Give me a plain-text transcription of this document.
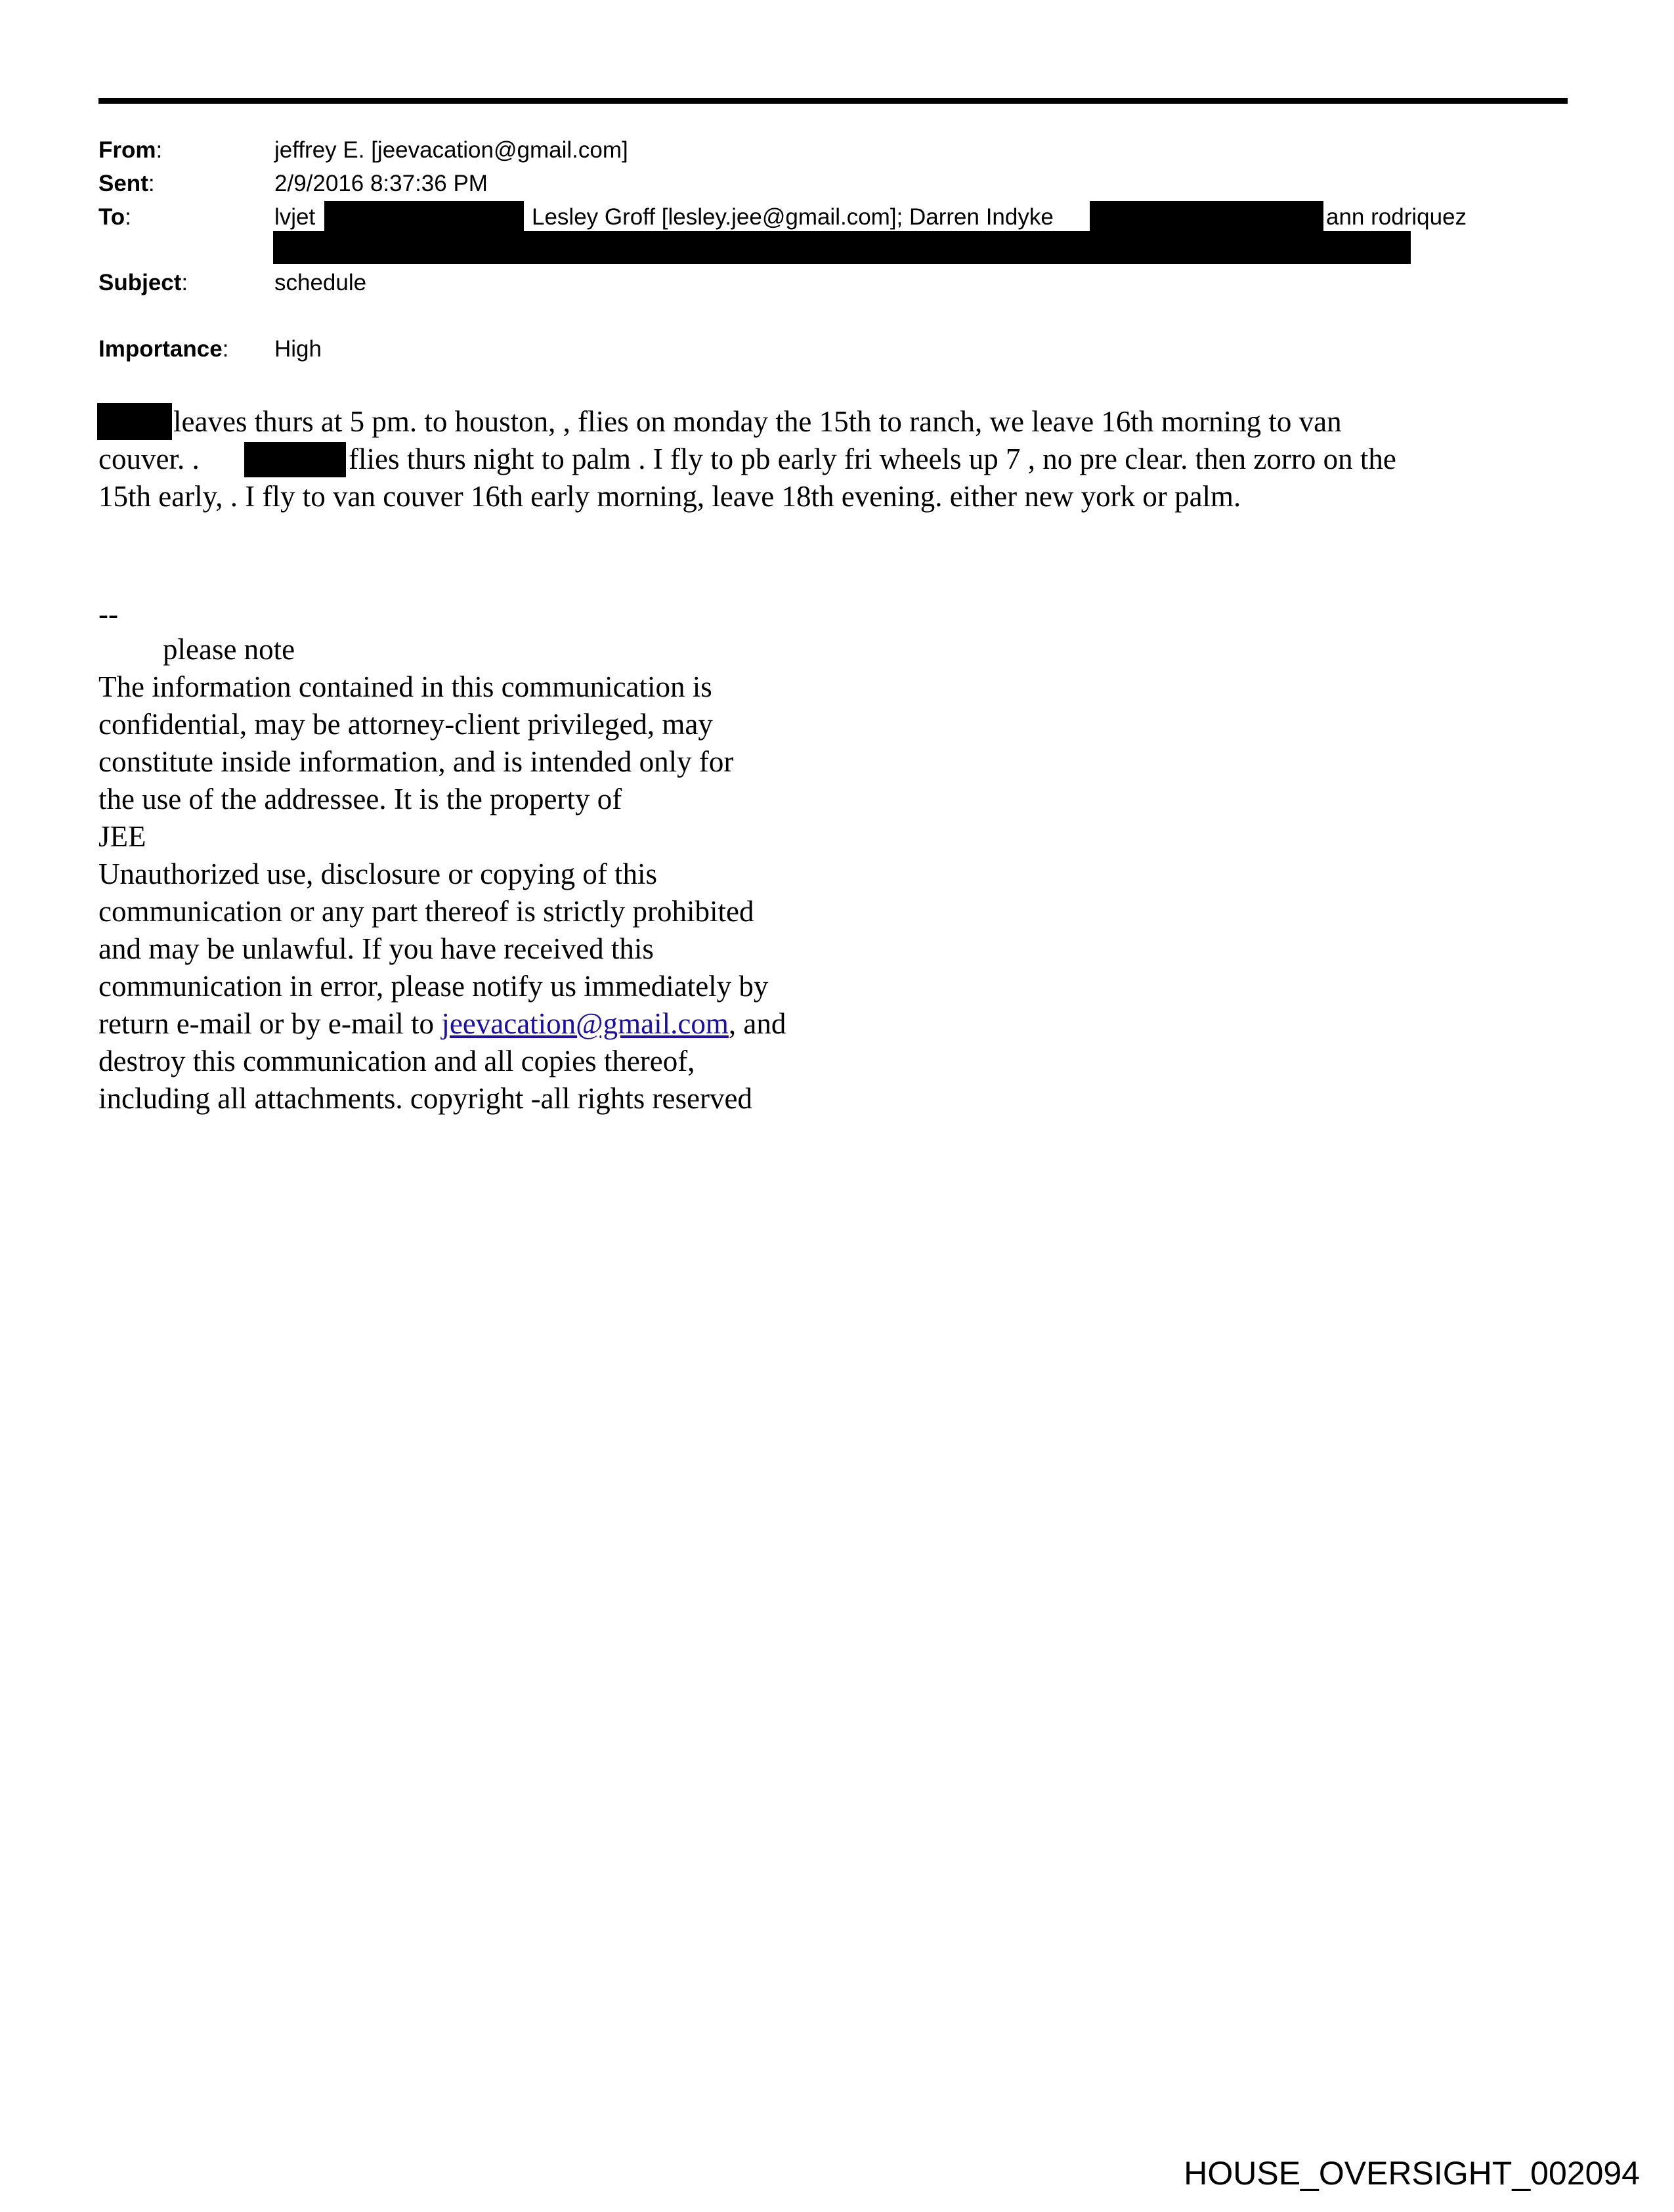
From:	jeffrey E. [jeevacation@gmail.com]
Sent:	2/9/2016 8:37:36 PM
To:	lvjet	Lesley Groff [lesley.jee@gmail.com]; Darren Indyke	ann rodriquez
Subject:	schedule
Importance: High
leaves thurs at 5 pm. to houston, , flies on monday the 15th to ranch, we leave 16th morning to van
couver. .	flies thurs night to palm . I fly to pb early fri wheels up 7 , no pre clear. then zorro on the
15th early, . I fly to van couver 16th early morning, leave 18th evening. either new york or palm.
--
please note
The information contained in this communication is
confidential, may be attorney-client privileged, may
constitute inside information, and is intended only for
the use of the addressee. It is the property of
JEE
Unauthorized use, disclosure or copying of this
communication or any part thereof is strictly prohibited
and may be unlawful. If you have received this
communication in error, please notify us immediately by
return e-mail or by e-mail to jeevacation@gmail.com, and
destroy this communication and all copies thereof,
including all attachments. copyright -all rights reserved
HOUSE_OVERSIGHT_002094
